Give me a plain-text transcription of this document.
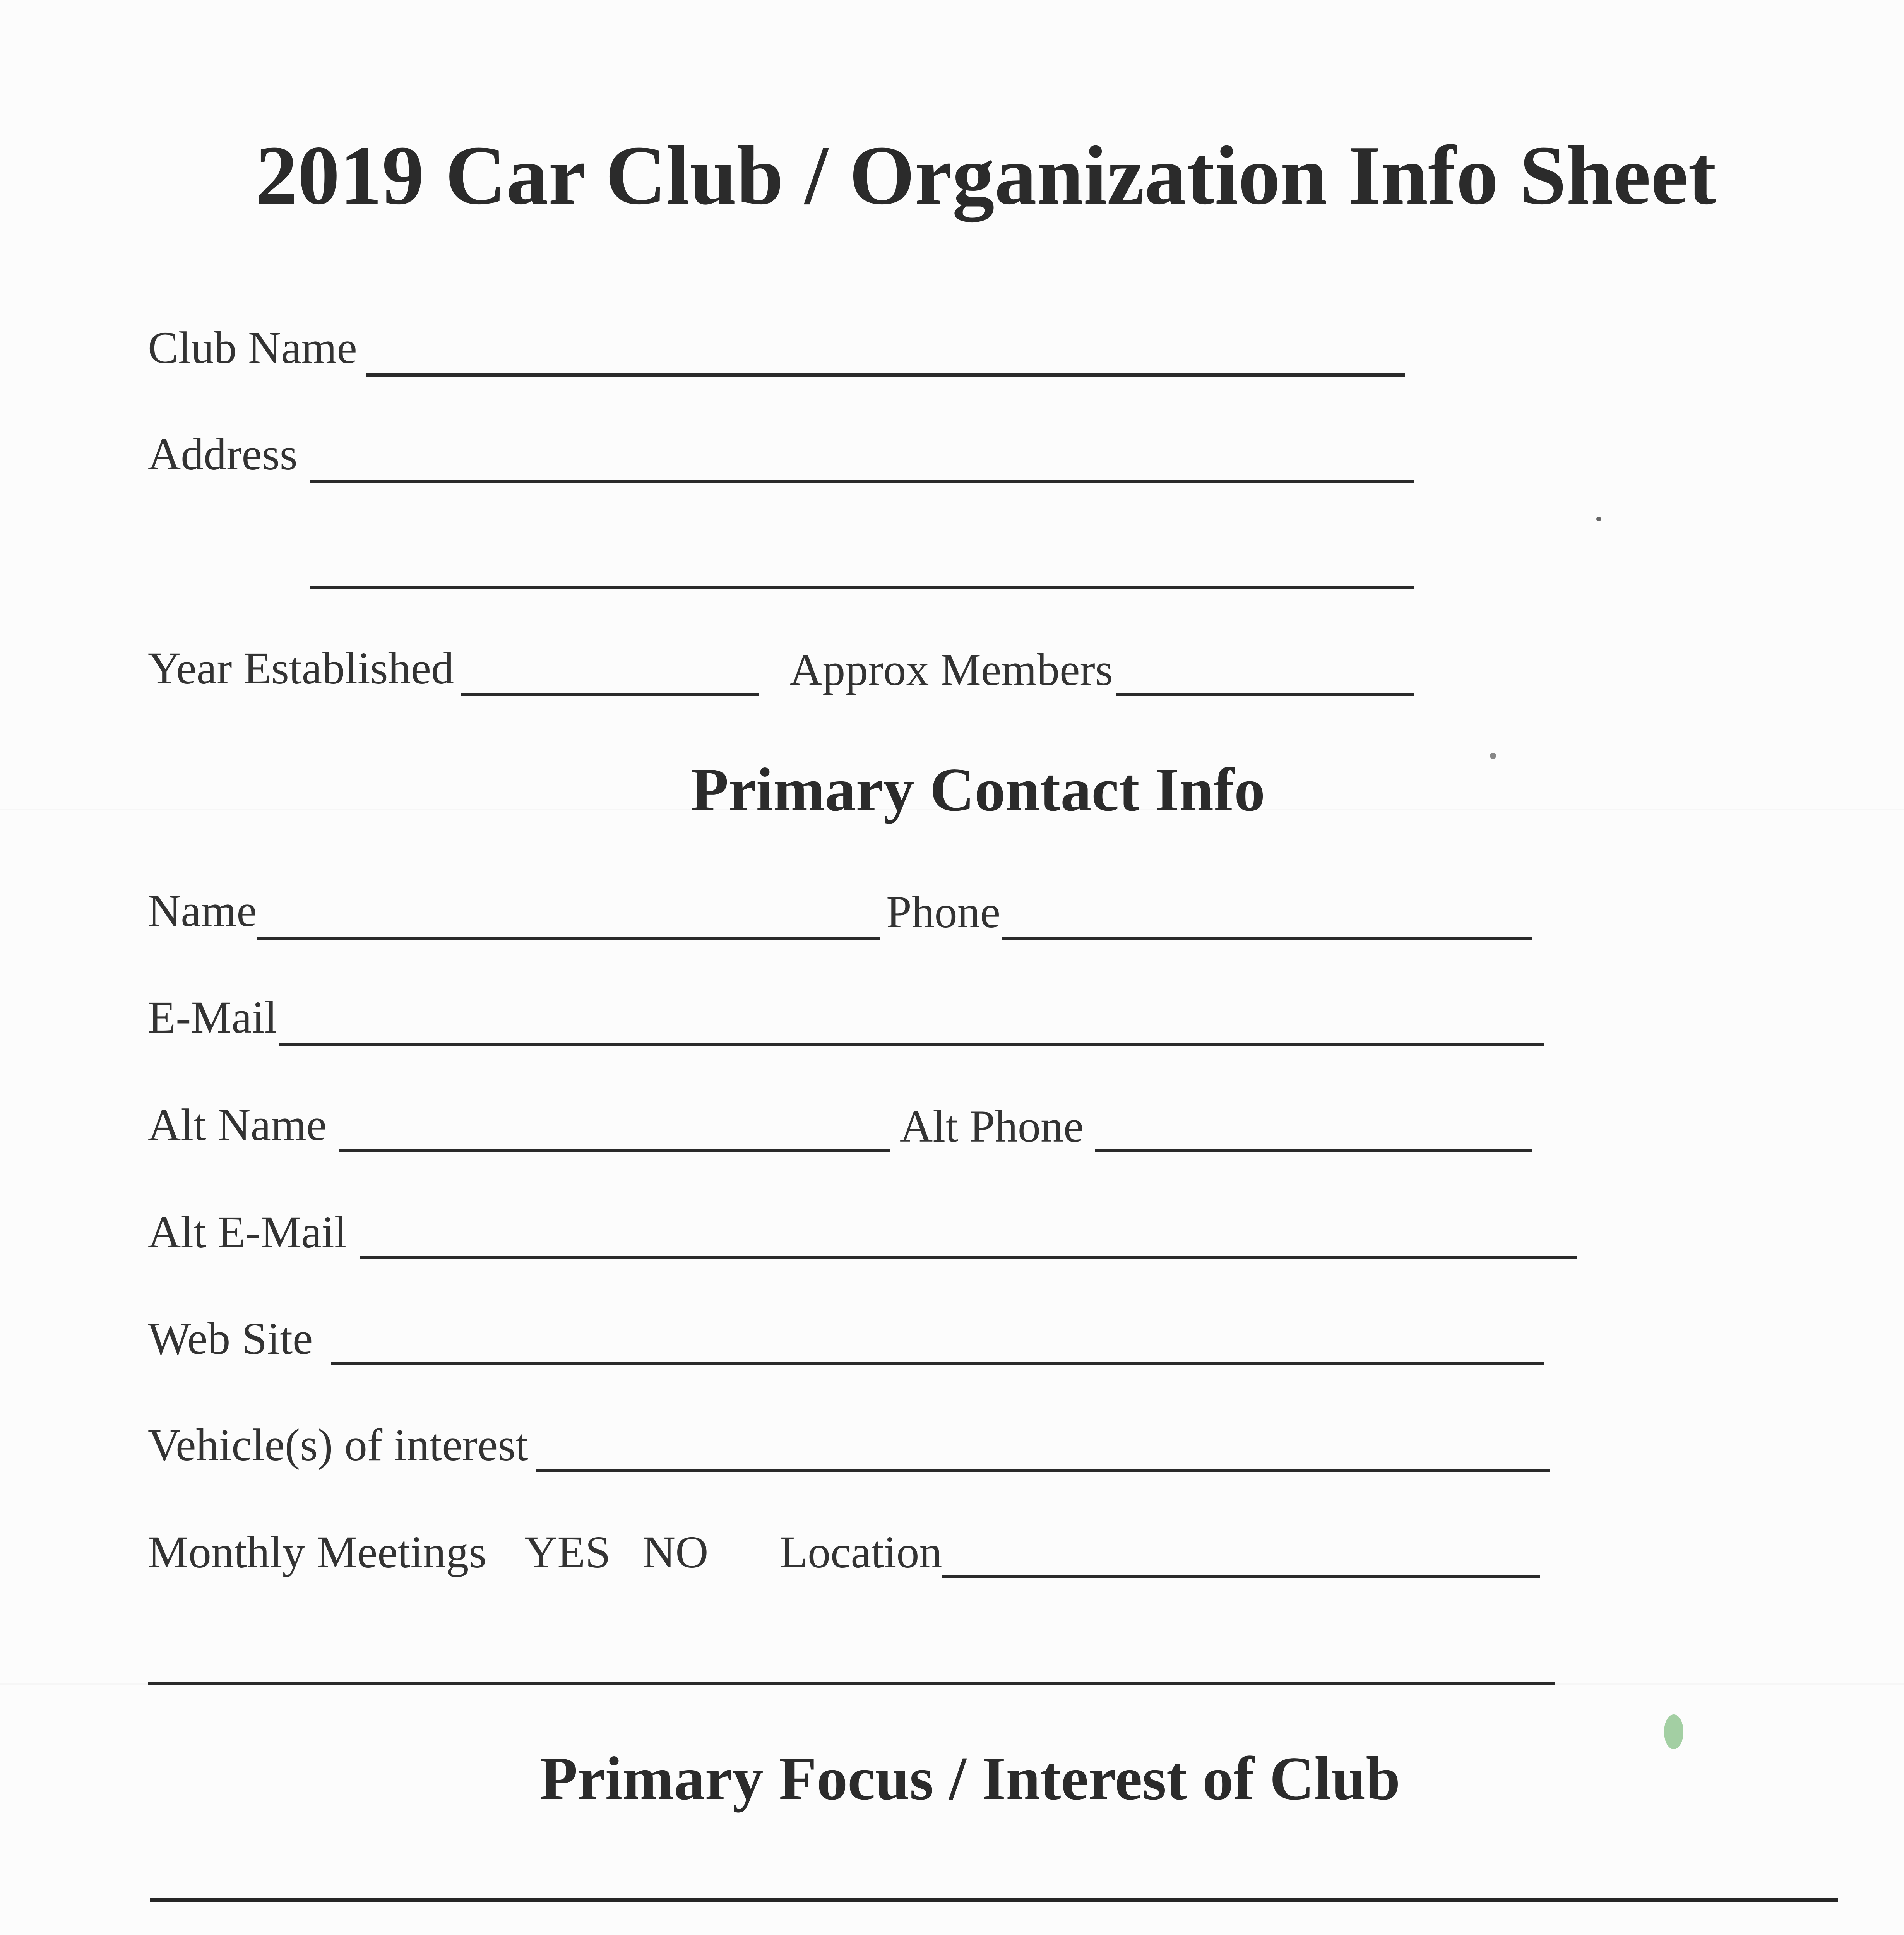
2019 Car Club / Organization Info Sheet
Club Name
Address
Year Established	Approx Members
Primary Contact Info
Name	Phone
E-Mail
Alt Name	Alt Phone
Alt E-Mail
Web Site
Vehicle(s) of interest
Monthly Meetings YES NO Location
Primary Focus / Interest of Club
